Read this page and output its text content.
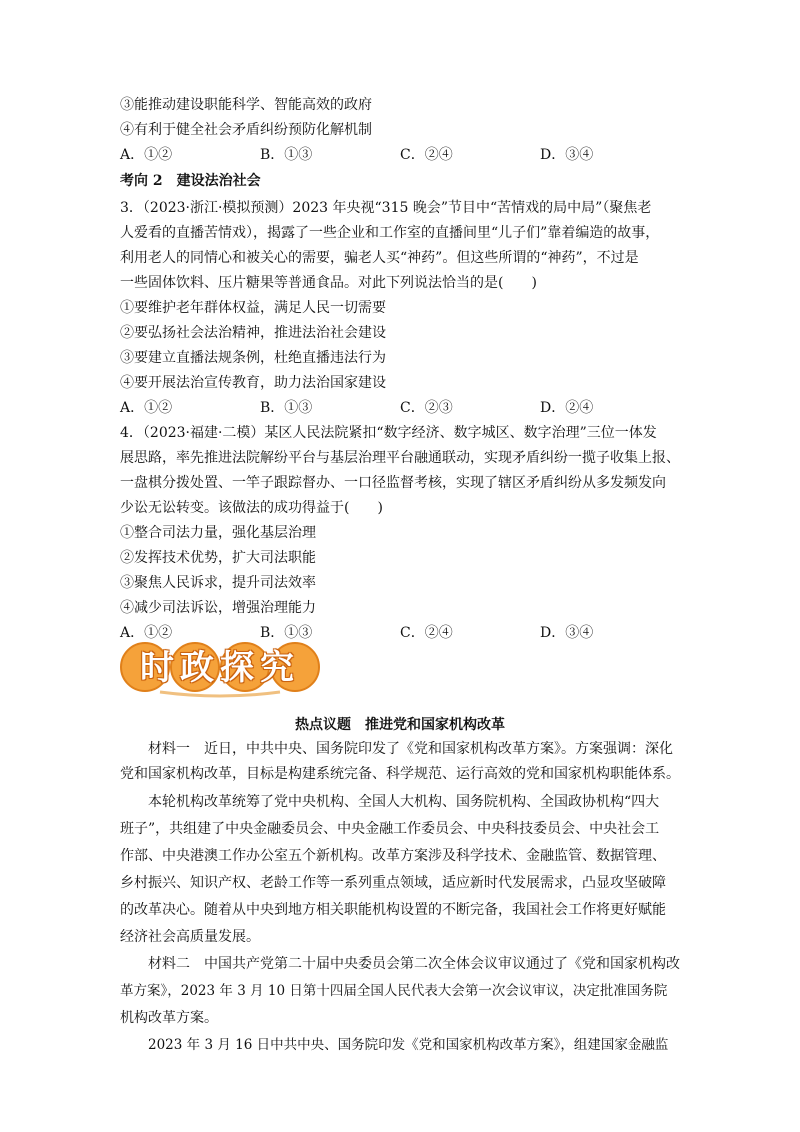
③能推动建设职能科学、智能高效的政府
④有利于健全社会矛盾纠纷预防化解机制
A．①②	B．①③	C．②④	D．③④
考向 2　建设法治社会
3．（2023·浙江·模拟预测）2023 年央视“315 晚会”节目中“苦情戏的局中局”（聚焦老
人爱看的直播苦情戏），揭露了一些企业和工作室的直播间里“儿子们”靠着编造的故事，
利用老人的同情心和被关心的需要，骗老人买“神药”。但这些所谓的“神药”，不过是
一些固体饮料、压片糖果等普通食品。对此下列说法恰当的是(　　)
①要维护老年群体权益，满足人民一切需要
②要弘扬社会法治精神，推进法治社会建设
③要建立直播法规条例，杜绝直播违法行为
④要开展法治宣传教育，助力法治国家建设
A．①②	B．①③	C．②③	D．②④
4．（2023·福建·二模）某区人民法院紧扣“数字经济、数字城区、数字治理”三位一体发
展思路，率先推进法院解纷平台与基层治理平台融通联动，实现矛盾纠纷一揽子收集上报、
一盘棋分拨处置、一竿子跟踪督办、一口径监督考核，实现了辖区矛盾纠纷从多发频发向
少讼无讼转变。该做法的成功得益于(　　)
①整合司法力量，强化基层治理
②发挥技术优势，扩大司法职能
③聚焦人民诉求，提升司法效率
④减少司法诉讼，增强治理能力
A．①②	B．①③	C．②④	D．③④
时政探究
热点议题　推进党和国家机构改革
材料一　近日，中共中央、国务院印发了《党和国家机构改革方案》。方案强调：深化
党和国家机构改革，目标是构建系统完备、科学规范、运行高效的党和国家机构职能体系。
本轮机构改革统筹了党中央机构、全国人大机构、国务院机构、全国政协机构“四大
班子”，共组建了中央金融委员会、中央金融工作委员会、中央科技委员会、中央社会工
作部、中央港澳工作办公室五个新机构。改革方案涉及科学技术、金融监管、数据管理、
乡村振兴、知识产权、老龄工作等一系列重点领域，适应新时代发展需求，凸显攻坚破障
的改革决心。随着从中央到地方相关职能机构设置的不断完备，我国社会工作将更好赋能
经济社会高质量发展。
材料二　中国共产党第二十届中央委员会第二次全体会议审议通过了《党和国家机构改
革方案》，2023 年 3 月 10 日第十四届全国人民代表大会第一次会议审议，决定批准国务院
机构改革方案。
2023 年 3 月 16 日中共中央、国务院印发《党和国家机构改革方案》，组建国家金融监
